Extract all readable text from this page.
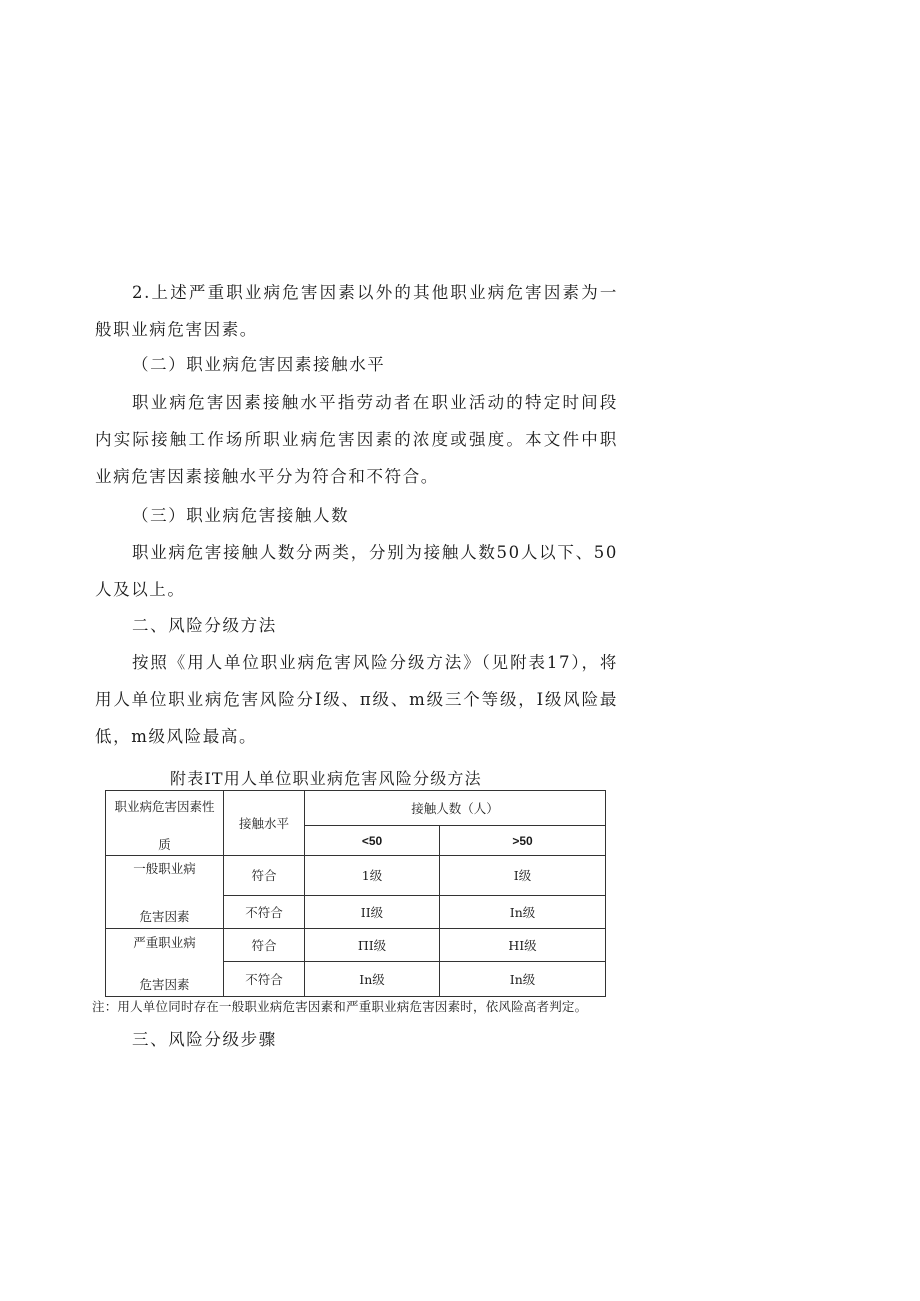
2.上述严重职业病危害因素以外的其他职业病危害因素为一般职业病危害因素。
（二）职业病危害因素接触水平
职业病危害因素接触水平指劳动者在职业活动的特定时间段内实际接触工作场所职业病危害因素的浓度或强度。本文件中职业病危害因素接触水平分为符合和不符合。
（三）职业病危害接触人数
职业病危害接触人数分两类，分别为接触人数50人以下、50人及以上。
二、风险分级方法
按照《用人单位职业病危害风险分级方法》（见附表17），将用人单位职业病危害风险分Ⅰ级、π级、m级三个等级，Ⅰ级风险最低，m级风险最高。
附表IT用人单位职业病危害风险分级方法
职业病危害因素性
质	接触水平	接触人数（人）	
		<50	>50

一般职业病
危害因素	符合	1级	I级
	不符合	II级	In级

严重职业病
危害因素	符合	ΠI级	HI级
	不符合	In级	In级
注：用人单位同时存在一般职业病危害因素和严重职业病危害因素时，依风险高者判定。
三、风险分级步骤
